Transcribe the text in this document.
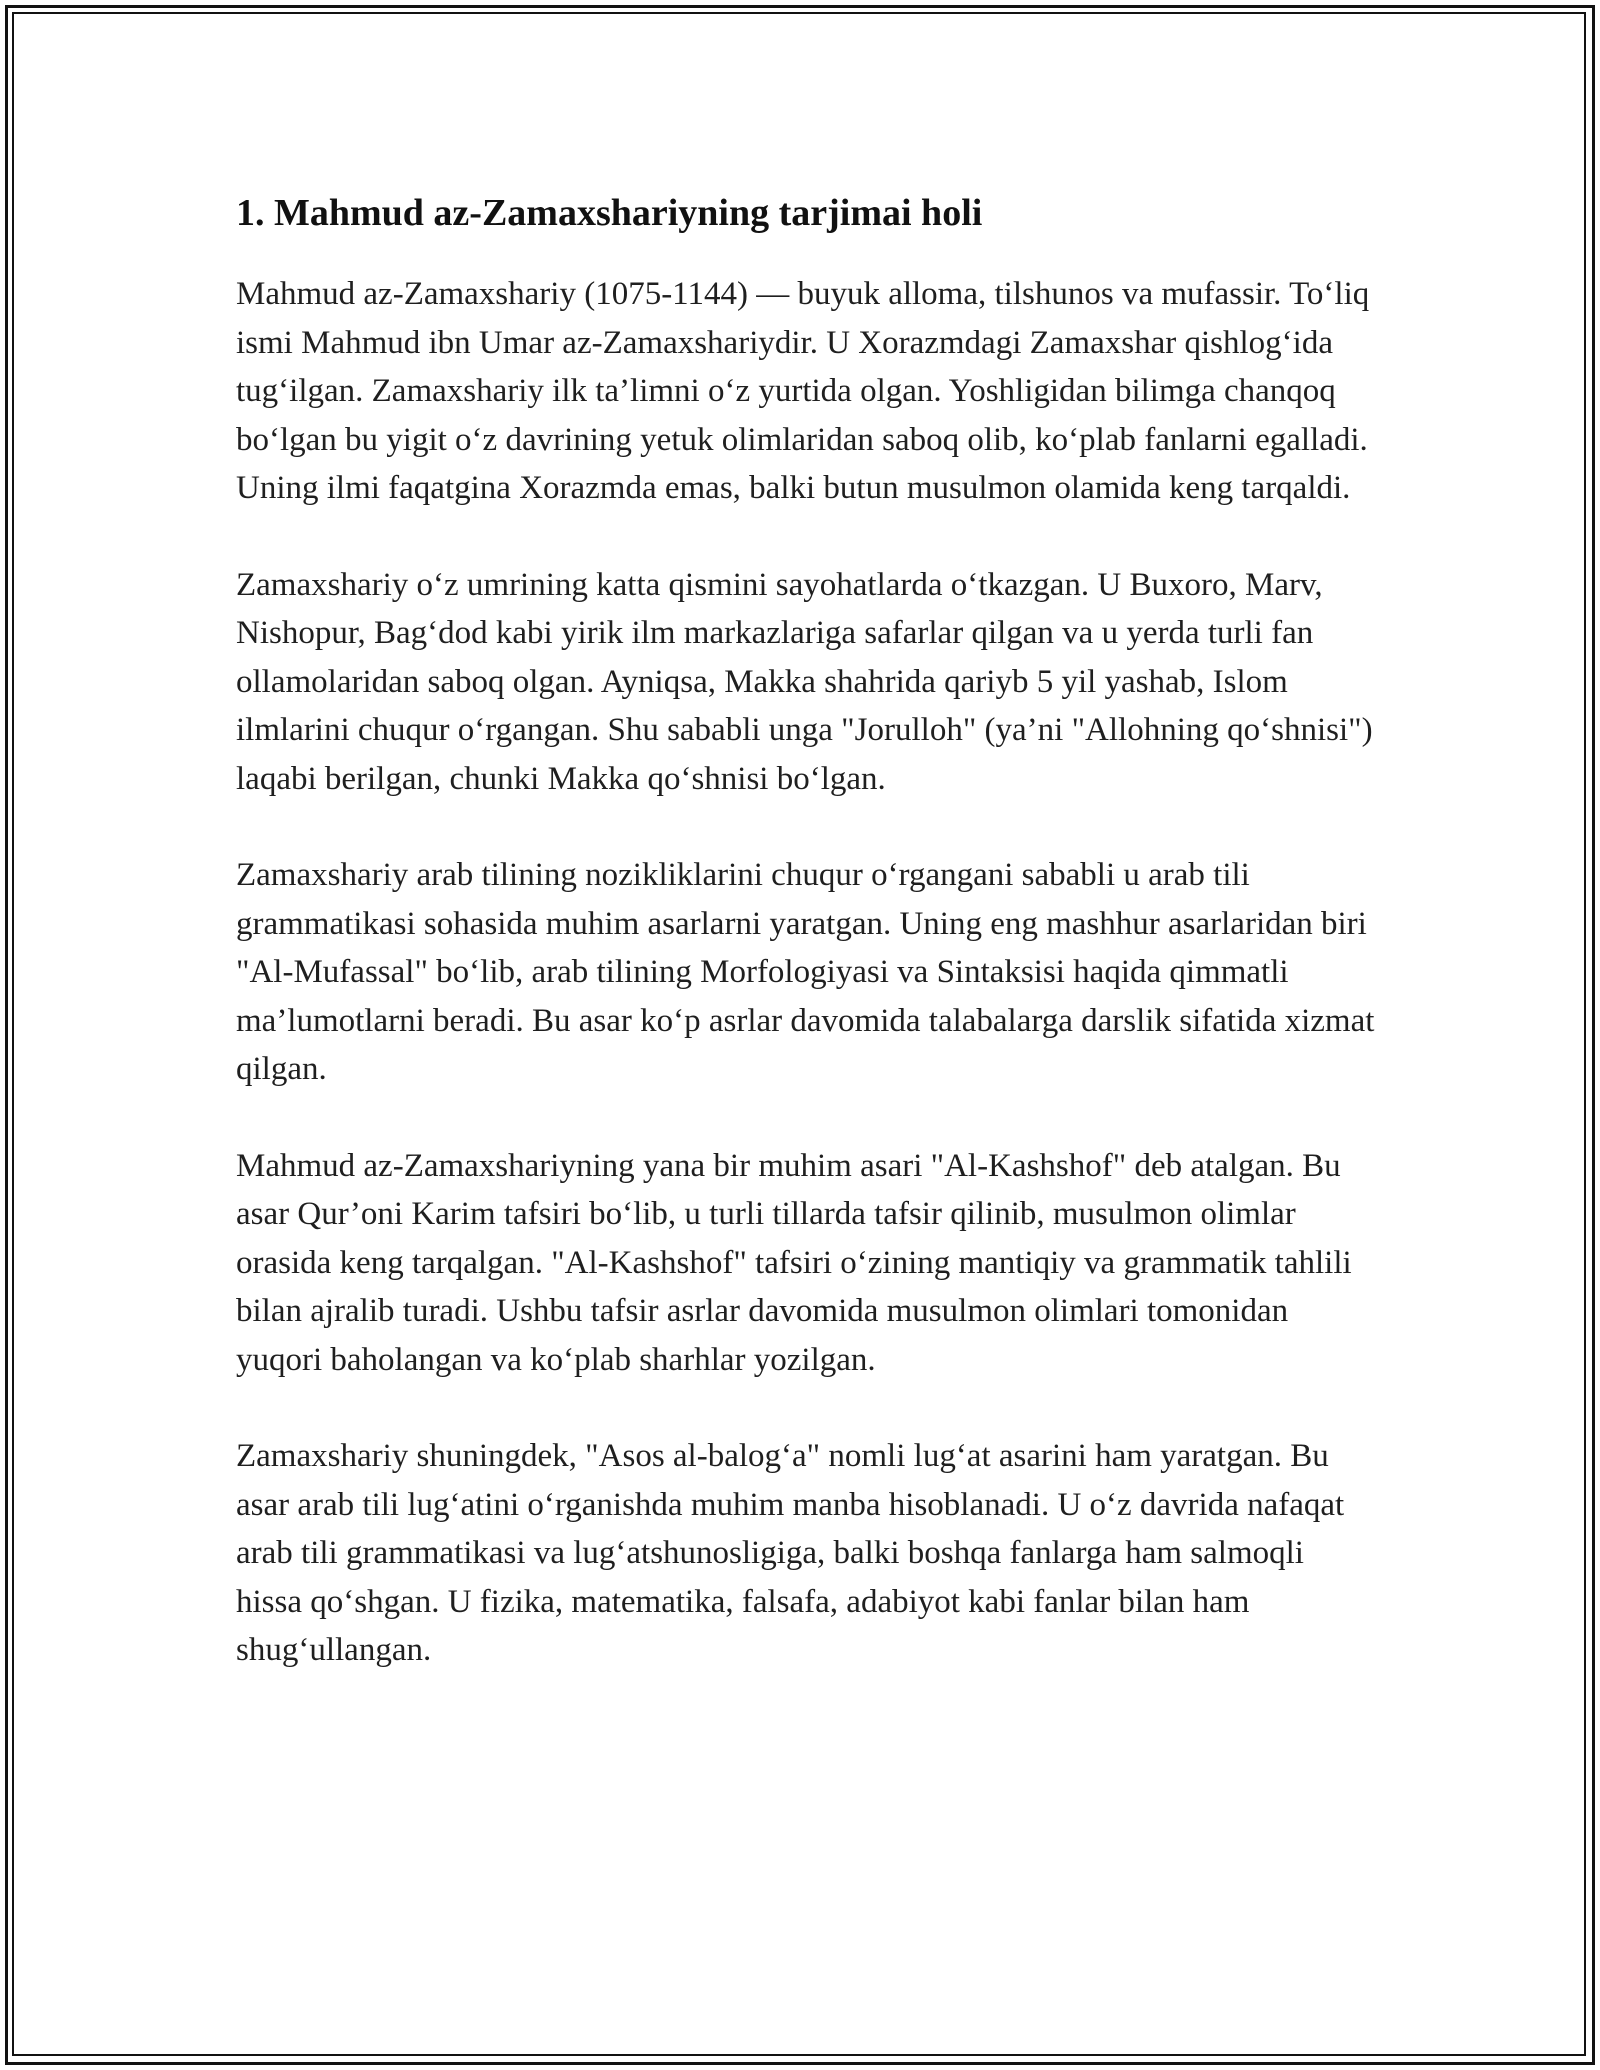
1. Mahmud az-Zamaxshariyning tarjimai holi

Mahmud az-Zamaxshariy (1075-1144) — buyuk alloma, tilshunos va mufassir. To‘liq ismi Mahmud ibn Umar az-Zamaxshariydir. U Xorazmdagi Zamaxshar qishlog‘ida tug‘ilgan. Zamaxshariy ilk ta’limni o‘z yurtida olgan. Yoshligidan bilimga chanqoq bo‘lgan bu yigit o‘z davrining yetuk olimlaridan saboq olib, ko‘plab fanlarni egalladi. Uning ilmi faqatgina Xorazmda emas, balki butun musulmon olamida keng tarqaldi.

Zamaxshariy o‘z umrining katta qismini sayohatlarda o‘tkazgan. U Buxoro, Marv, Nishopur, Bag‘dod kabi yirik ilm markazlariga safarlar qilgan va u yerda turli fan ollamolaridan saboq olgan. Ayniqsa, Makka shahrida qariyb 5 yil yashab, Islom ilmlarini chuqur o‘rgangan. Shu sababli unga "Jorulloh" (ya’ni "Allohning qo‘shnisi") laqabi berilgan, chunki Makka qo‘shnisi bo‘lgan.

Zamaxshariy arab tilining nozikliklarini chuqur o‘rgangani sababli u arab tili grammatikasi sohasida muhim asarlarni yaratgan. Uning eng mashhur asarlaridan biri "Al-Mufassal" bo‘lib, arab tilining Morfologiyasi va Sintaksisi haqida qimmatli ma’lumotlarni beradi. Bu asar ko‘p asrlar davomida talabalarga darslik sifatida xizmat qilgan.

Mahmud az-Zamaxshariyning yana bir muhim asari "Al-Kashshof" deb atalgan. Bu asar Qur’oni Karim tafsiri bo‘lib, u turli tillarda tafsir qilinib, musulmon olimlar orasida keng tarqalgan. "Al-Kashshof" tafsiri o‘zining mantiqiy va grammatik tahlili bilan ajralib turadi. Ushbu tafsir asrlar davomida musulmon olimlari tomonidan yuqori baholangan va ko‘plab sharhlar yozilgan.

Zamaxshariy shuningdek, "Asos al-balog‘a" nomli lug‘at asarini ham yaratgan. Bu asar arab tili lug‘atini o‘rganishda muhim manba hisoblanadi. U o‘z davrida nafaqat arab tili grammatikasi va lug‘atshunosligiga, balki boshqa fanlarga ham salmoqli hissa qo‘shgan. U fizika, matematika, falsafa, adabiyot kabi fanlar bilan ham shug‘ullangan.
